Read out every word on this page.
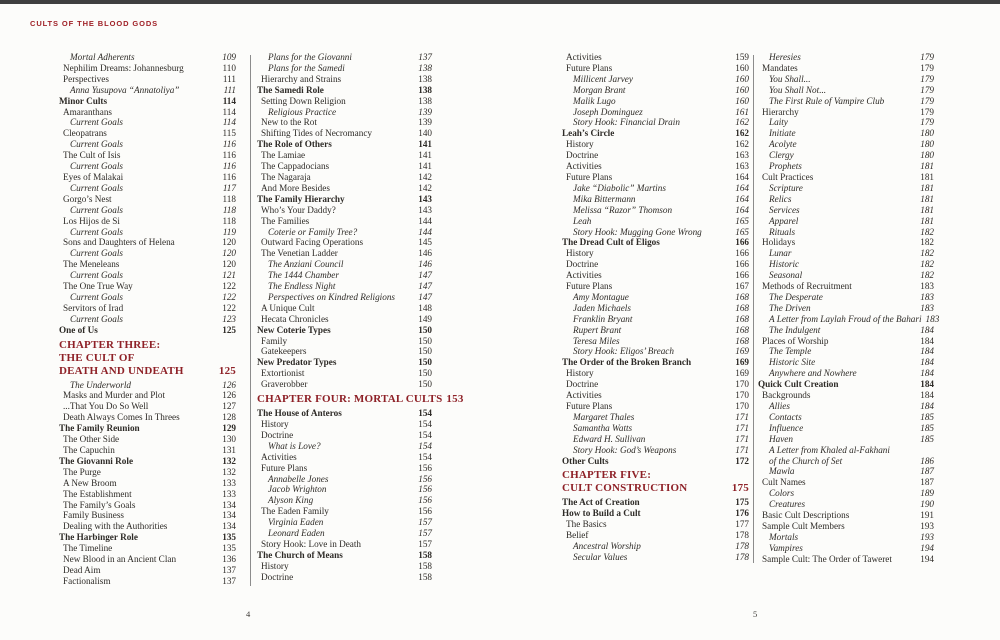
CULTS OF THE BLOOD GODS
Mortal Adherents	109
Nephilim Dreams: Johannesburg	110
Perspectives	111
Anna Yusupova “Annatoliya”	111
Minor Cults	114
Amaranthans	114
Current Goals	114
Cleopatrans	115
Current Goals	116
The Cult of Isis	116
Current Goals	116
Eyes of Malakai	116
Current Goals	117
Gorgo’s Nest	118
Current Goals	118
Los Hijos de Si	118
Current Goals	119
Sons and Daughters of Helena	120
Current Goals	120
The Meneleans	120
Current Goals	121
The One True Way	122
Current Goals	122
Servitors of Irad	122
Current Goals	123
One of Us	125
CHAPTER THREE:
THE CULT OF
DEATH AND UNDEATH	125
The Underworld	126
Masks and Murder and Plot	126
...That You Do So Well	127
Death Always Comes In Threes	128
The Family Reunion	129
The Other Side	130
The Capuchin	131
The Giovanni Role	132
The Purge	132
A New Broom	133
The Establishment	133
The Family’s Goals	134
Family Business	134
Dealing with the Authorities	134
The Harbinger Role	135
The Timeline	135
New Blood in an Ancient Clan	136
Dead Aim	137
Factionalism	137
Plans for the Giovanni	137
Plans for the Samedi	138
Hierarchy and Strains	138
The Samedi Role	138
Setting Down Religion	138
Religious Practice	139
New to the Rot	139
Shifting Tides of Necromancy	140
The Role of Others	141
The Lamiae	141
The Cappadocians	141
The Nagaraja	142
And More Besides	142
The Family Hierarchy	143
Who’s Your Daddy?	143
The Families	144
Coterie or Family Tree?	144
Outward Facing Operations	145
The Venetian Ladder	146
The Anziani Council	146
The 1444 Chamber	147
The Endless Night	147
Perspectives on Kindred Religions	147
A Unique Cult	148
Hecata Chronicles	149
New Coterie Types	150
Family	150
Gatekeepers	150
New Predator Types	150
Extortionist	150
Graverobber	150
CHAPTER FOUR: MORTAL CULTS 153
The House of Anteros	154
History	154
Doctrine	154
What is Love?	154
Activities	154
Future Plans	156
Annabelle Jones	156
Jacob Wrighton	156
Alyson King	156
The Eaden Family	156
Virginia Eaden	157
Leonard Eaden	157
Story Hook: Love in Death	157
The Church of Means	158
History	158
Doctrine	158
Activities	159
Future Plans	160
Millicent Jarvey	160
Morgan Brant	160
Malik Lugo	160
Joseph Dominguez	161
Story Hook: Financial Drain	162
Leah’s Circle	162
History	162
Doctrine	163
Activities	163
Future Plans	164
Jake “Diabolic” Martins	164
Mika Bittermann	164
Melissa “Razor” Thomson	164
Leah	165
Story Hook: Mugging Gone Wrong	165
The Dread Cult of Eligos	166
History	166
Doctrine	166
Activities	166
Future Plans	167
Amy Montague	168
Jaden Michaels	168
Franklin Bryant	168
Rupert Brant	168
Teresa Miles	168
Story Hook: Eligos’ Breach	169
The Order of the Broken Branch	169
History	169
Doctrine	170
Activities	170
Future Plans	170
Margaret Thales	171
Samantha Watts	171
Edward H. Sullivan	171
Story Hook: God’s Weapons	171
Other Cults	172
CHAPTER FIVE:
CULT CONSTRUCTION	175
The Act of Creation	175
How to Build a Cult	176
The Basics	177
Belief	178
Ancestral Worship	178
Secular Values	178
Heresies	179
Mandates	179
You Shall...	179
You Shall Not...	179
The First Rule of Vampire Club	179
Hierarchy	179
Laity	179
Initiate	180
Acolyte	180
Clergy	180
Prophets	181
Cult Practices	181
Scripture	181
Relics	181
Services	181
Apparel	181
Rituals	182
Holidays	182
Lunar	182
Historic	182
Seasonal	182
Methods of Recruitment	183
The Desperate	183
The Driven	183
A Letter from Laylah Froud of the Bahari 183
The Indulgent	184
Places of Worship	184
The Temple	184
Historic Site	184
Anywhere and Nowhere	184
Quick Cult Creation	184
Backgrounds	184
Allies	184
Contacts	185
Influence	185
Haven	185
A Letter from Khaled al-Fakhani
of the Church of Set	186
Mawla	187
Cult Names	187
Colors	189
Creatures	190
Basic Cult Descriptions	191
Sample Cult Members	193
Mortals	193
Vampires	194
Sample Cult: The Order of Taweret	194
4	5
